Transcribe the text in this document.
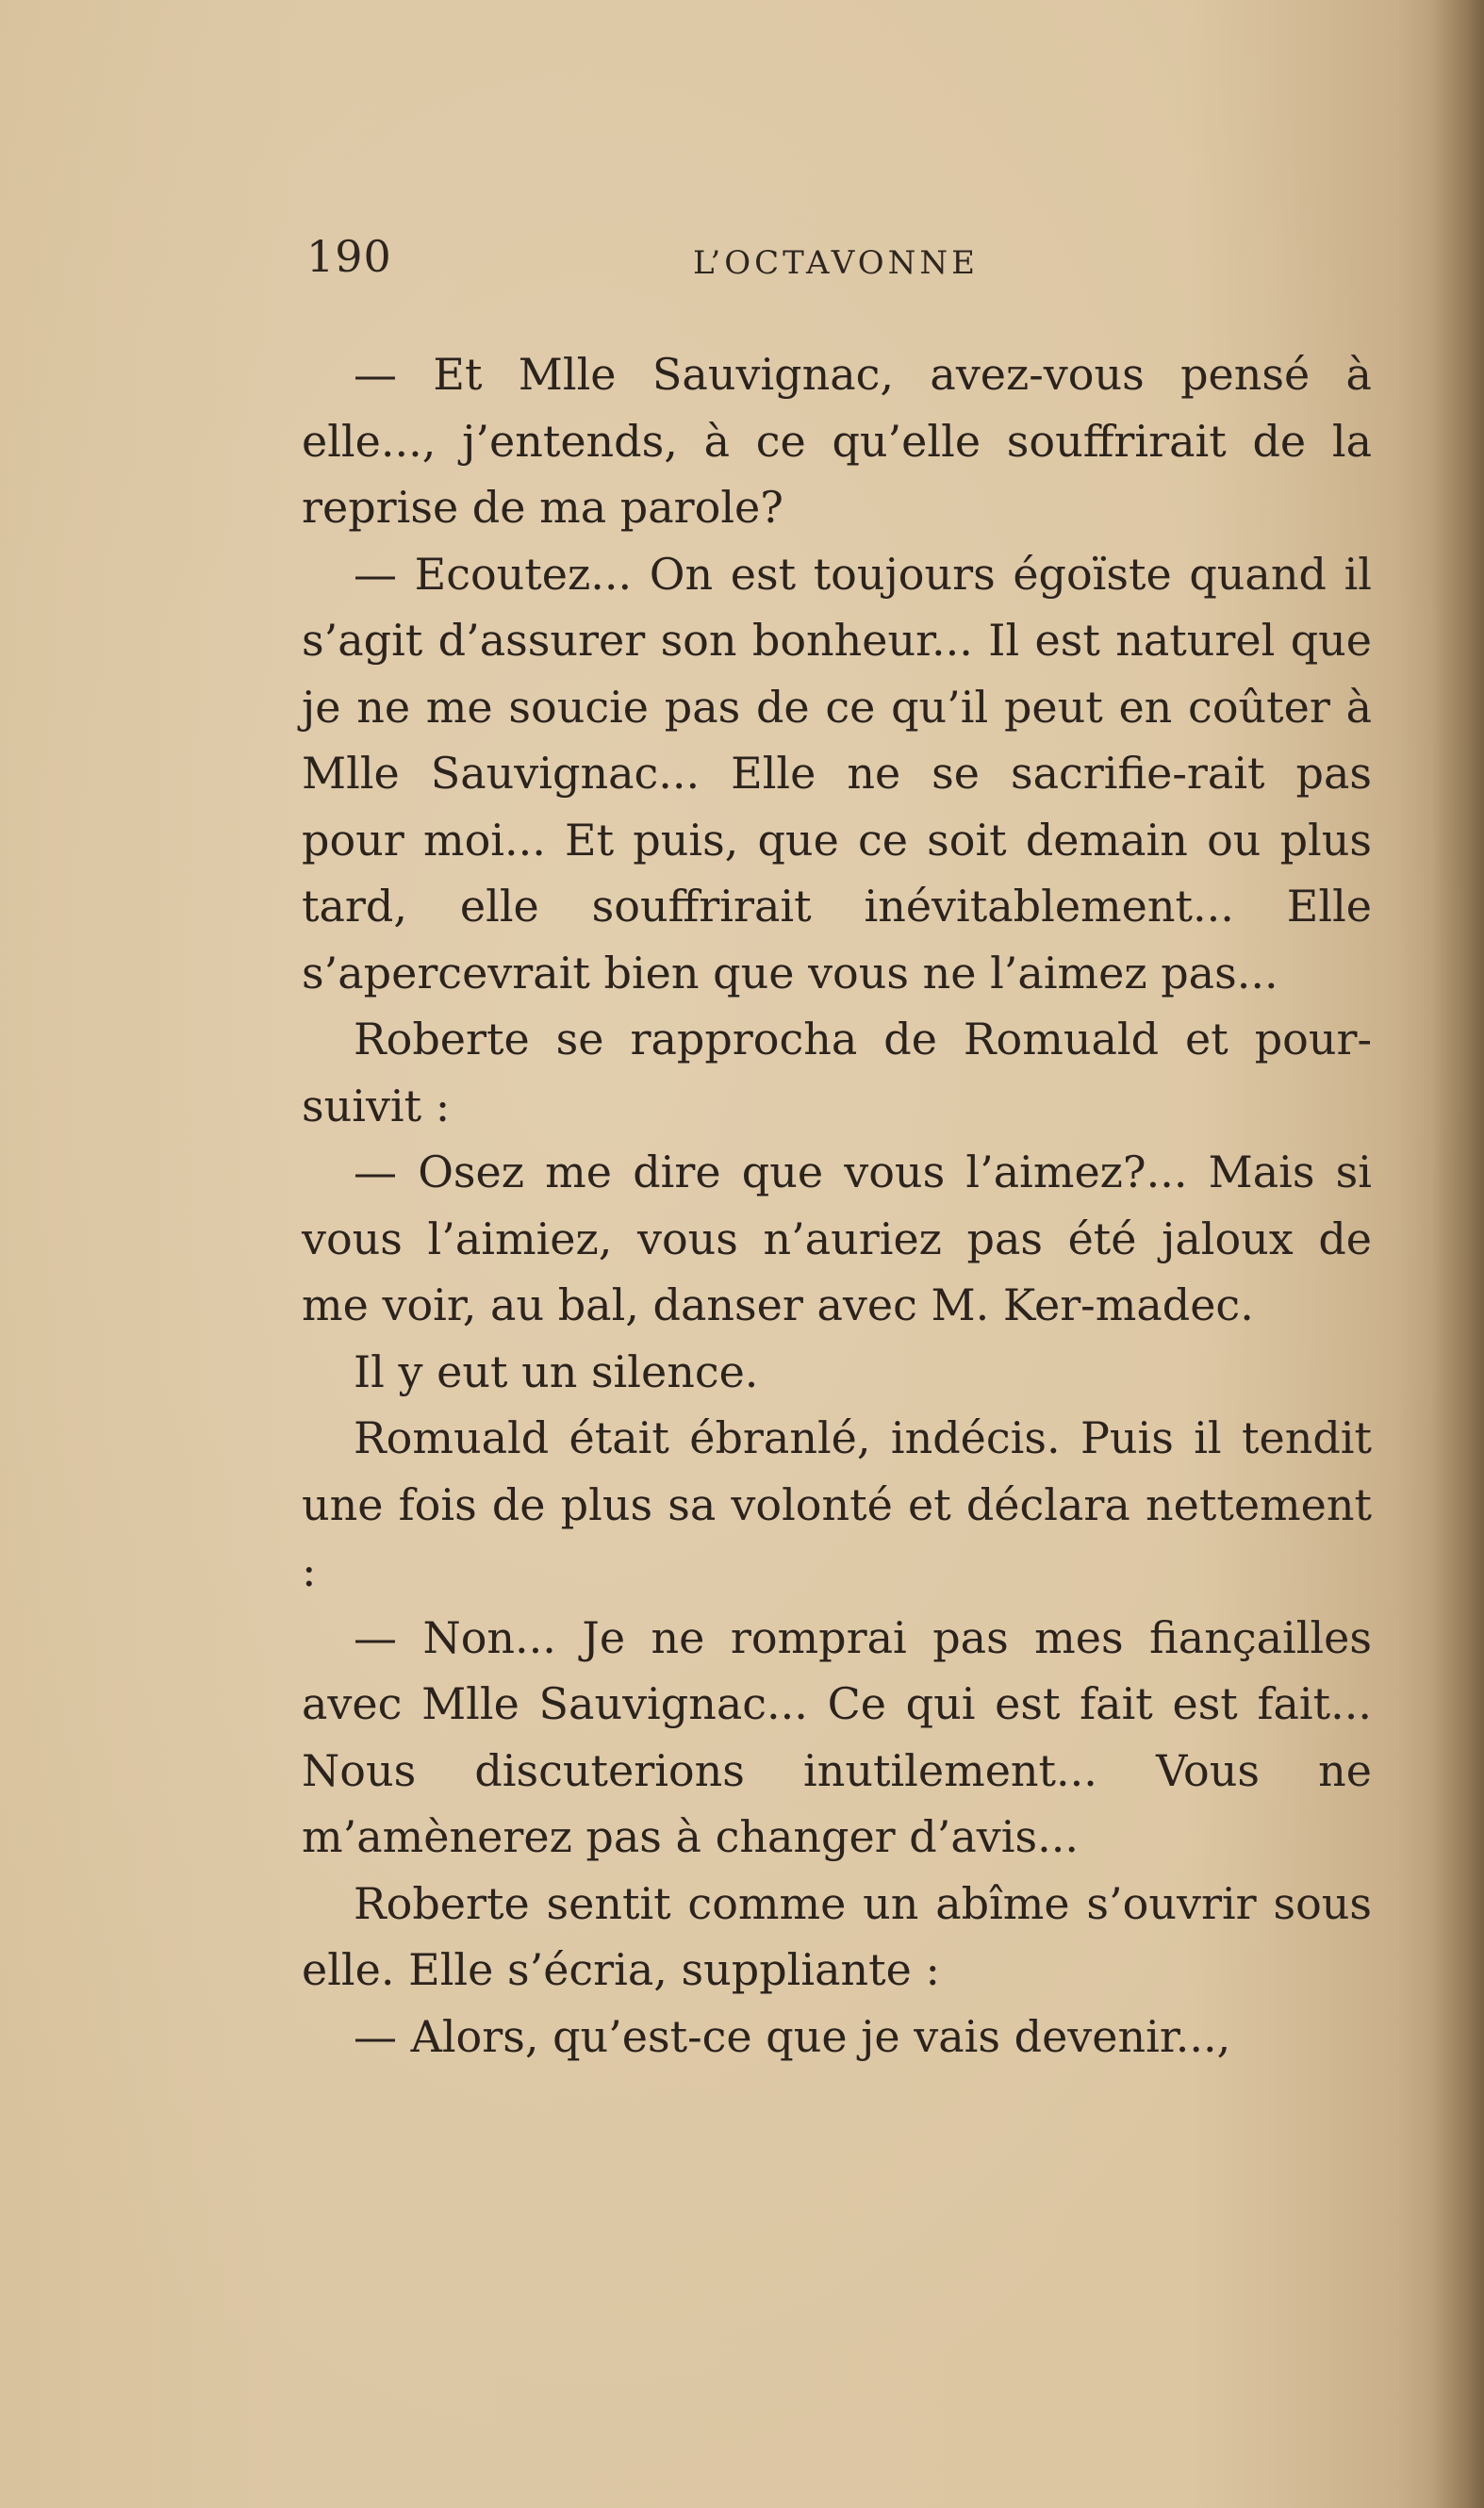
190	L’OCTAVONNE

— Et Mlle Sauvignac, avez-vous pensé à elle..., j’entends, à ce qu’elle souffrirait de la reprise de ma parole?

— Ecoutez... On est toujours égoïste quand il s’agit d’assurer son bonheur... Il est naturel que je ne me soucie pas de ce qu’il peut en coûter à Mlle Sauvignac... Elle ne se sacrifie-rait pas pour moi... Et puis, que ce soit demain ou plus tard, elle souffrirait inévitablement... Elle s’apercevrait bien que vous ne l’aimez pas...

Roberte se rapprocha de Romuald et pour-suivit :

— Osez me dire que vous l’aimez?... Mais si vous l’aimiez, vous n’auriez pas été jaloux de me voir, au bal, danser avec M. Ker-madec.

Il y eut un silence.

Romuald était ébranlé, indécis. Puis il tendit une fois de plus sa volonté et déclara nettement :

— Non... Je ne romprai pas mes fiançailles avec Mlle Sauvignac... Ce qui est fait est fait... Nous discuterions inutilement... Vous ne m’amènerez pas à changer d’avis...

Roberte sentit comme un abîme s’ouvrir sous elle. Elle s’écria, suppliante :

— Alors, qu’est-ce que je vais devenir...,
